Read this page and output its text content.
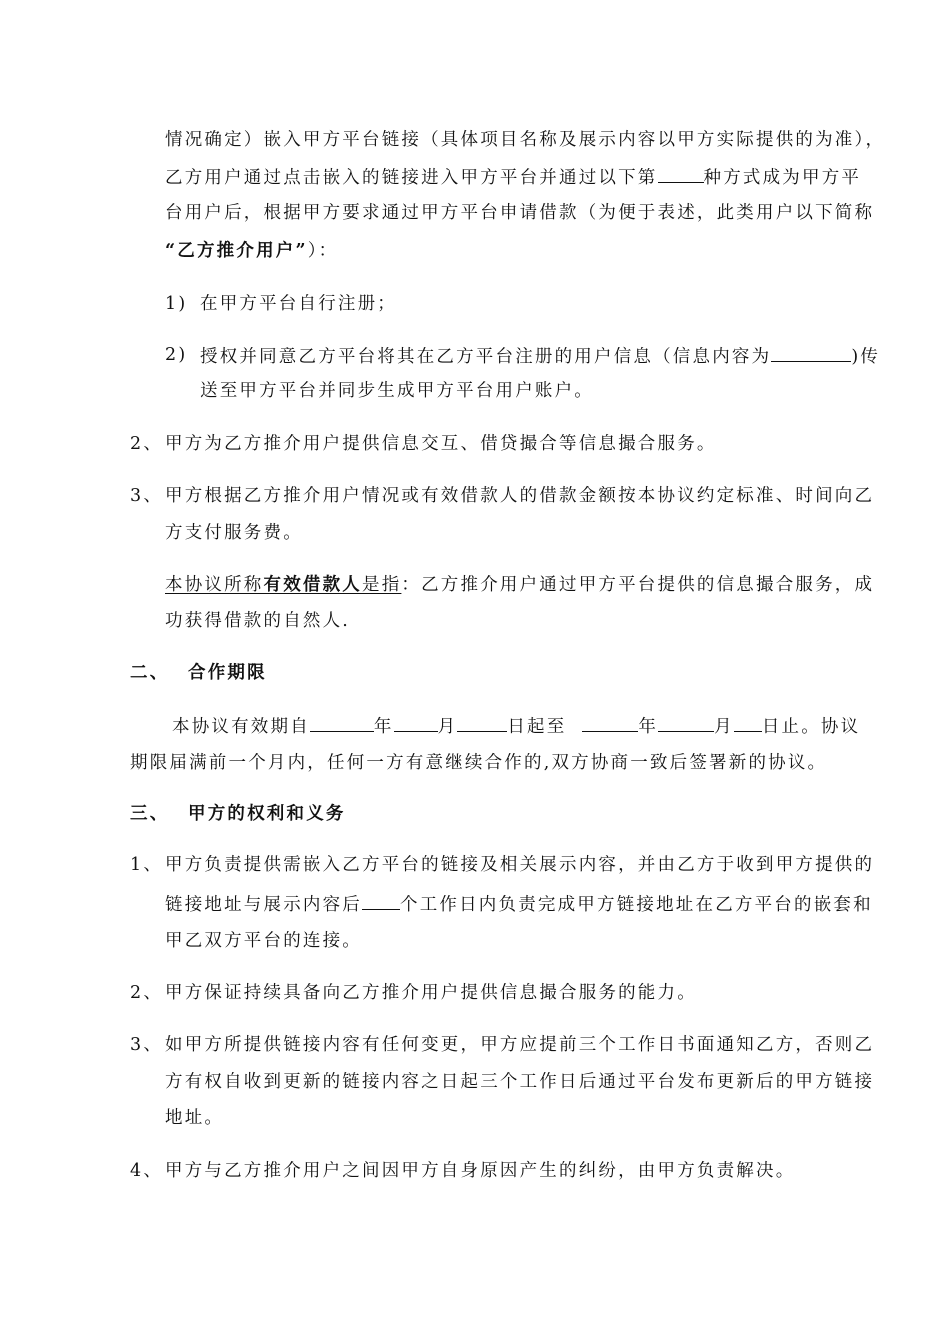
情况确定）嵌入甲方平台链接（具体项目名称及展示内容以甲方实际提供的为准），
乙方用户通过点击嵌入的链接进入甲方平台并通过以下第	种方式成为甲方平
台用户后，根据甲方要求通过甲方平台申请借款（为便于表述，此类用户以下简称
“乙方推介用户”）：
1) 在甲方平台自行注册；
2) 授权并同意乙方平台将其在乙方平台注册的用户信息（信息内容为	)传
送至甲方平台并同步生成甲方平台用户账户。
2、 甲方为乙方推介用户提供信息交互、借贷撮合等信息撮合服务。
3、 甲方根据乙方推介用户情况或有效借款人的借款金额按本协议约定标准、时间向乙
方支付服务费。
本协议所称有效借款人是指：乙方推介用户通过甲方平台提供的信息撮合服务，成
功获得借款的自然人.
二、 合作期限
本协议有效期自	年	月	日起至	年	月 日止。协议
期限届满前一个月内，任何一方有意继续合作的,双方协商一致后签署新的协议。
三、 甲方的权利和义务
1、 甲方负责提供需嵌入乙方平台的链接及相关展示内容，并由乙方于收到甲方提供的
链接地址与展示内容后 个工作日内负责完成甲方链接地址在乙方平台的嵌套和
甲乙双方平台的连接。
2、 甲方保证持续具备向乙方推介用户提供信息撮合服务的能力。
3、 如甲方所提供链接内容有任何变更，甲方应提前三个工作日书面通知乙方，否则乙
方有权自收到更新的链接内容之日起三个工作日后通过平台发布更新后的甲方链接
地址。
4、 甲方与乙方推介用户之间因甲方自身原因产生的纠纷，由甲方负责解决。
